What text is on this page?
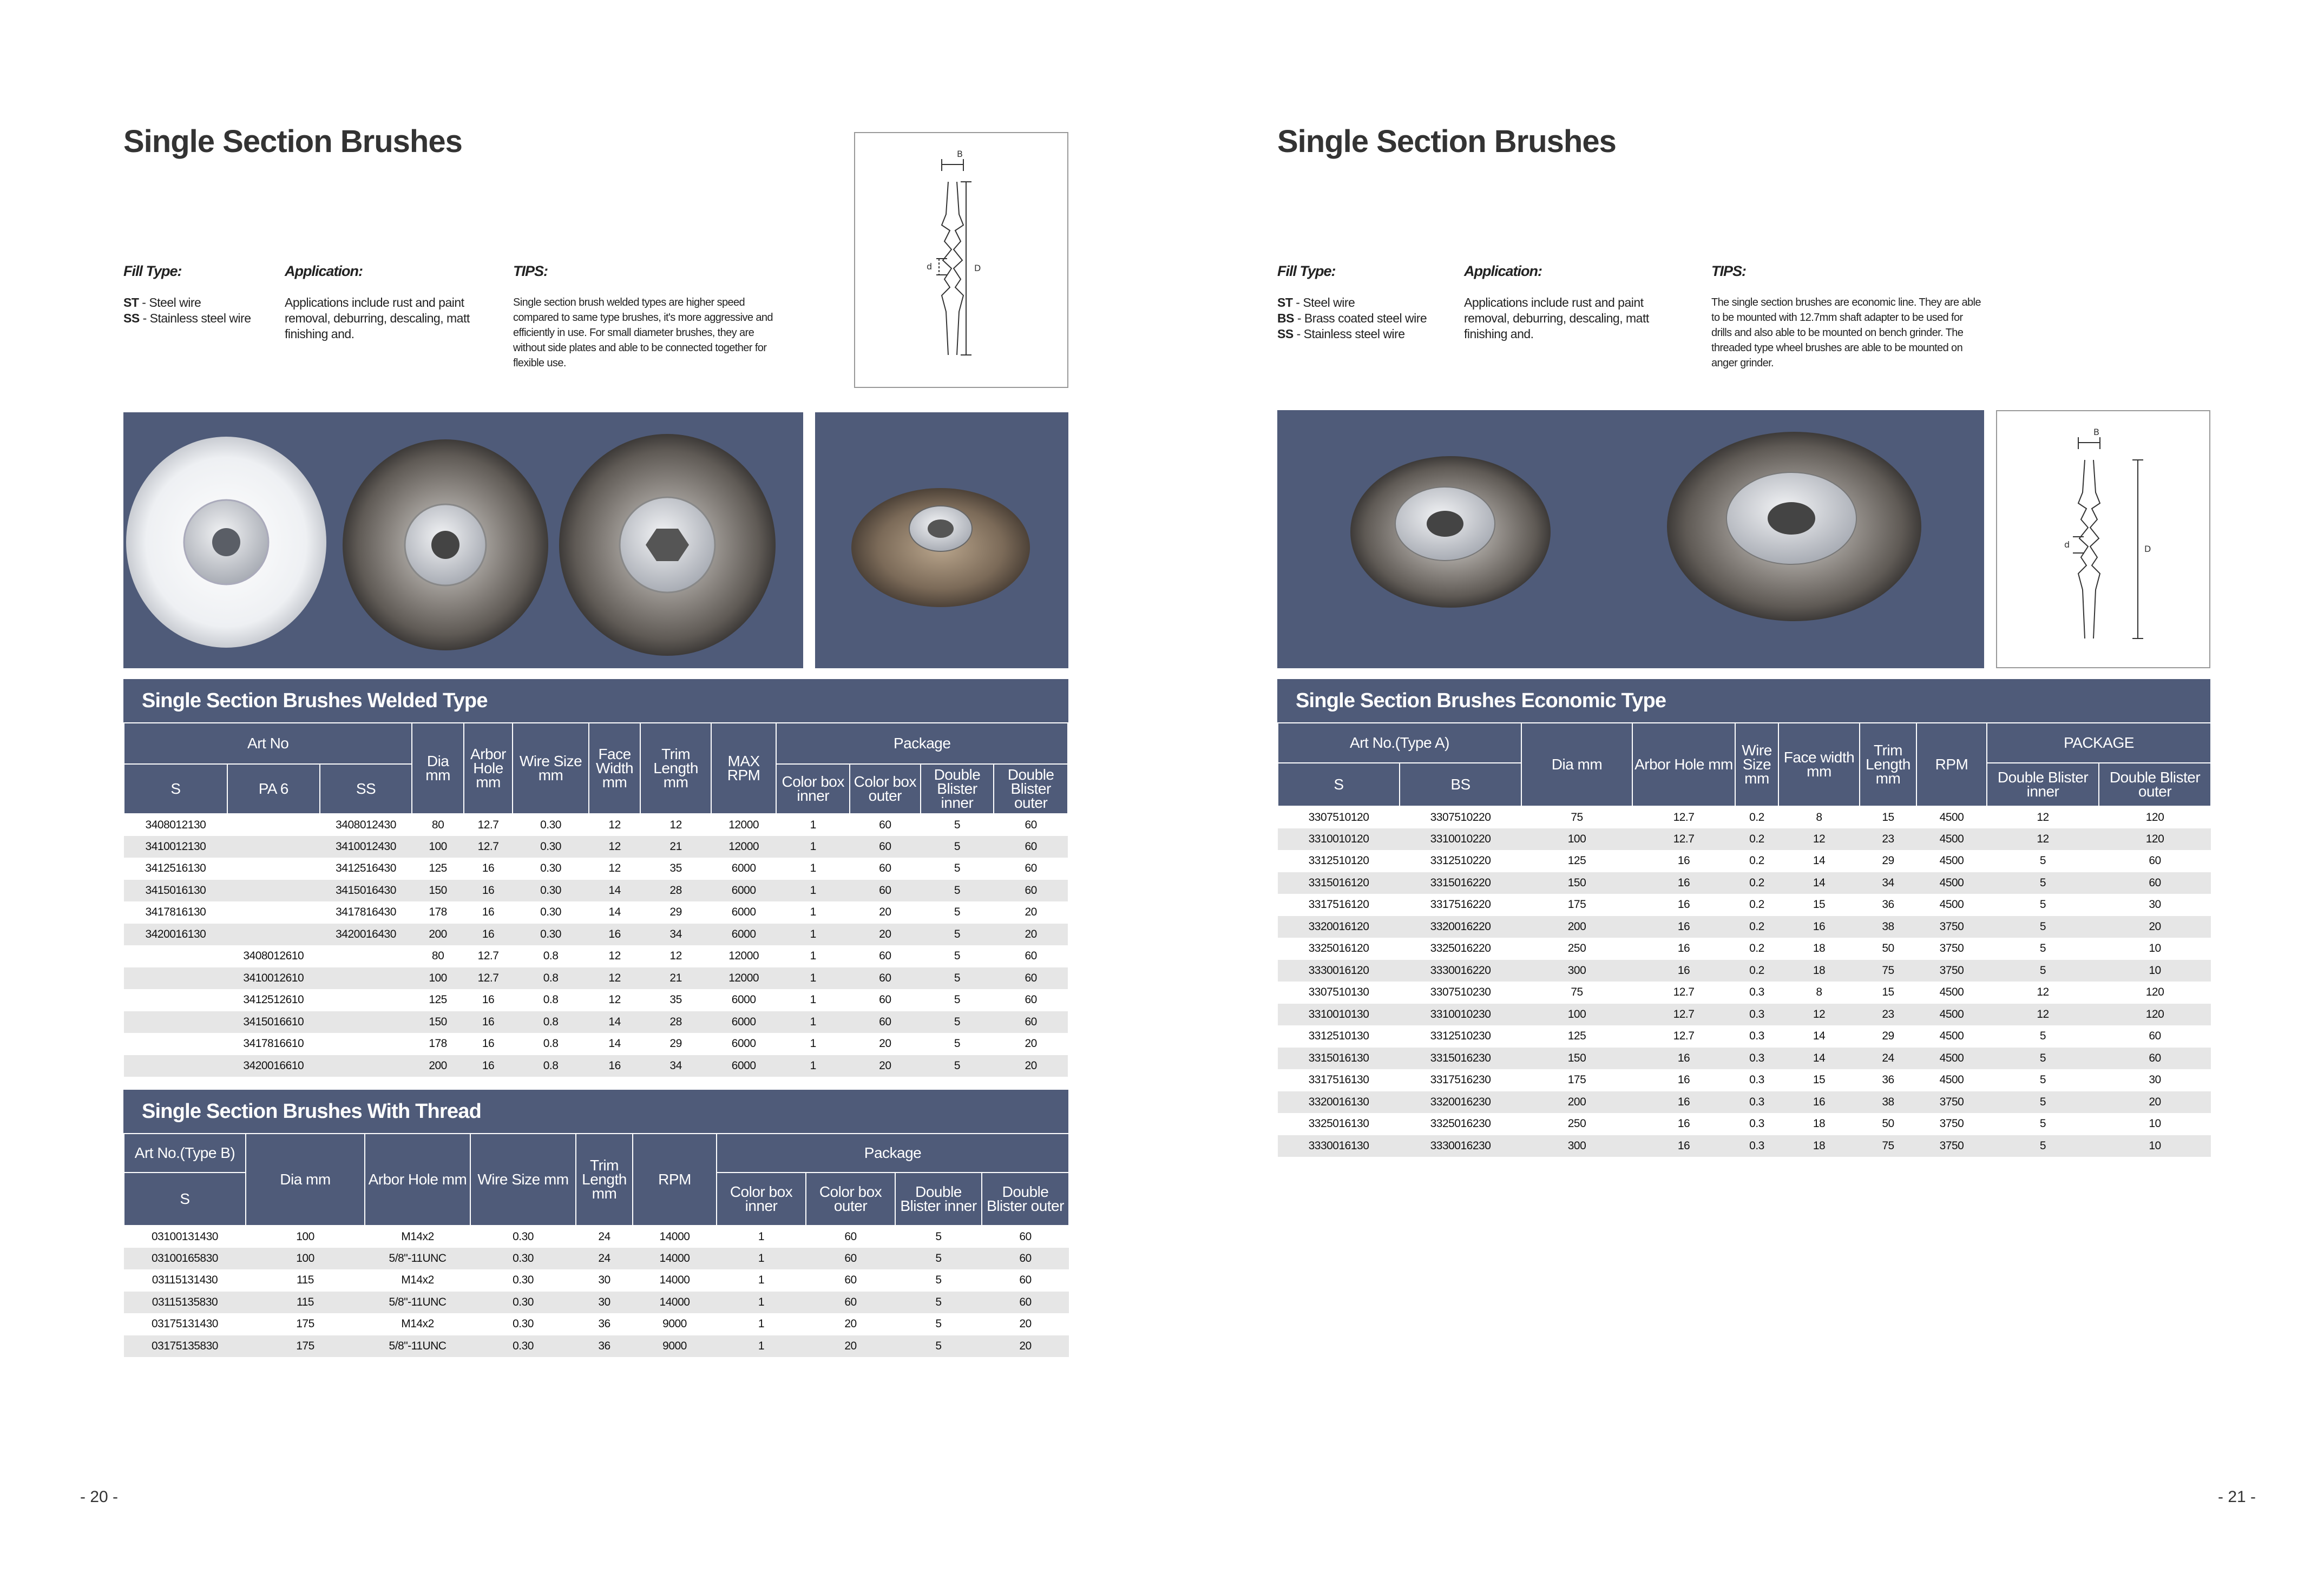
Single Section Brushes
Fill Type:
ST - Steel wire
SS - Stainless steel wire
Application:
Applications include rust and paint removal, deburring, descaling, matt finishing and.
TIPS:
Single section brush welded types are higher speed compared to same type brushes, it's more aggressive and efficiently in use. For small diameter brushes, they are without side plates and able to be connected together for flexible use.
B
d	D
Single Section Brushes Welded Type
Art No			Dia mm	Arbor Hole mm	Wire Size mm	Face Width mm	Trim Length mm	MAX RPM	Package			
S	PA 6	SS							Color box inner	Color box outer	Double Blister inner	Double Blister outer
3408012130		3408012430	80	12.7	0.30	12	12	12000	1	60	5	60
3410012130		3410012430	100	12.7	0.30	12	21	12000	1	60	5	60
3412516130		3412516430	125	16	0.30	12	35	6000	1	60	5	60
3415016130		3415016430	150	16	0.30	14	28	6000	1	60	5	60
3417816130		3417816430	178	16	0.30	14	29	6000	1	20	5	20
3420016130		3420016430	200	16	0.30	16	34	6000	1	20	5	20
	3408012610		80	12.7	0.8	12	12	12000	1	60	5	60
	3410012610		100	12.7	0.8	12	21	12000	1	60	5	60
	3412512610		125	16	0.8	12	35	6000	1	60	5	60
	3415016610		150	16	0.8	14	28	6000	1	60	5	60
	3417816610		178	16	0.8	14	29	6000	1	20	5	20
	3420016610		200	16	0.8	16	34	6000	1	20	5	20
Single Section Brushes With Thread
Art No.(Type B)	Dia mm	Arbor Hole mm	Wire Size mm	Trim Length mm	RPM	Package			
S						Color box inner	Color box outer	Double Blister inner	Double Blister outer
03100131430	100	M14x2	0.30	24	14000	1	60	5	60
03100165830	100	5/8"-11UNC	0.30	24	14000	1	60	5	60
03115131430	115	M14x2	0.30	30	14000	1	60	5	60
03115135830	115	5/8"-11UNC	0.30	30	14000	1	60	5	60
03175131430	175	M14x2	0.30	36	9000	1	20	5	20
03175135830	175	5/8"-11UNC	0.30	36	9000	1	20	5	20
- 20 -
Single Section Brushes
Fill Type:
ST - Steel wire
BS - Brass coated steel wire
SS - Stainless steel wire
Application:
Applications include rust and paint removal, deburring, descaling, matt finishing and.
TIPS:
The single section brushes are economic line. They are able to be mounted with 12.7mm shaft adapter to be used for drills and also able to be mounted on bench grinder. The threaded type wheel brushes are able to be mounted on anger grinder.
B
d	D
Single Section Brushes Economic Type
Art No.(Type A)		Dia mm	Arbor Hole mm	Wire Size mm	Face width mm	Trim Length mm	RPM	PACKAGE	
S	BS							Double Blister inner	Double Blister outer
3307510120	3307510220	75	12.7	0.2	8	15	4500	12	120
3310010120	3310010220	100	12.7	0.2	12	23	4500	12	120
3312510120	3312510220	125	16	0.2	14	29	4500	5	60
3315016120	3315016220	150	16	0.2	14	34	4500	5	60
3317516120	3317516220	175	16	0.2	15	36	4500	5	30
3320016120	3320016220	200	16	0.2	16	38	3750	5	20
3325016120	3325016220	250	16	0.2	18	50	3750	5	10
3330016120	3330016220	300	16	0.2	18	75	3750	5	10
3307510130	3307510230	75	12.7	0.3	8	15	4500	12	120
3310010130	3310010230	100	12.7	0.3	12	23	4500	12	120
3312510130	3312510230	125	12.7	0.3	14	29	4500	5	60
3315016130	3315016230	150	16	0.3	14	24	4500	5	60
3317516130	3317516230	175	16	0.3	15	36	4500	5	30
3320016130	3320016230	200	16	0.3	16	38	3750	5	20
3325016130	3325016230	250	16	0.3	18	50	3750	5	10
3330016130	3330016230	300	16	0.3	18	75	3750	5	10
- 21 -
